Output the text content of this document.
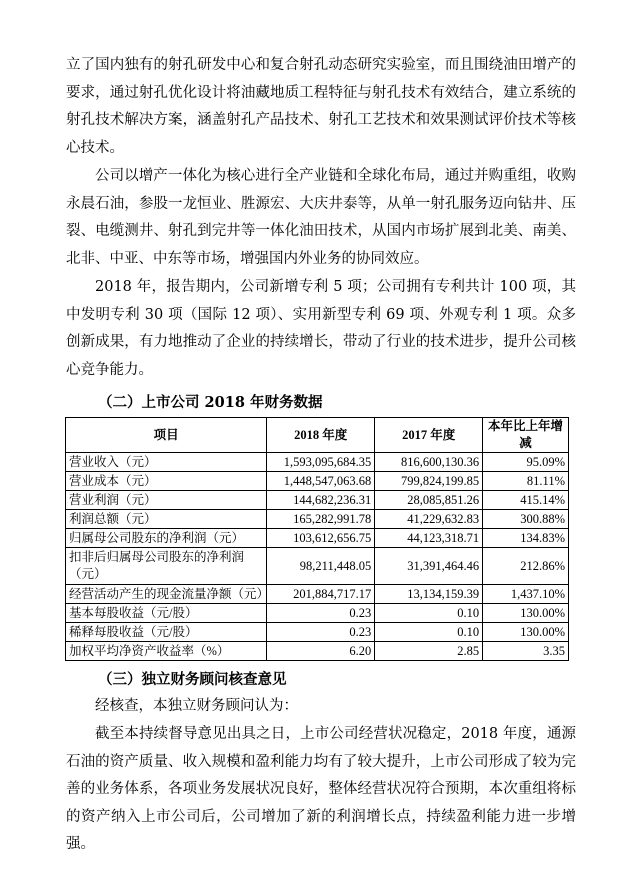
立了国内独有的射孔研发中心和复合射孔动态研究实验室，而且围绕油田增产的要求，通过射孔优化设计将油藏地质工程特征与射孔技术有效结合，建立系统的射孔技术解决方案，涵盖射孔产品技术、射孔工艺技术和效果测试评价技术等核心技术。

公司以增产一体化为核心进行全产业链和全球化布局，通过并购重组，收购永晨石油，参股一龙恒业、胜源宏、大庆井泰等，从单一射孔服务迈向钻井、压裂、电缆测井、射孔到完井等一体化油田技术，从国内市场扩展到北美、南美、北非、中亚、中东等市场，增强国内外业务的协同效应。

2018 年，报告期内，公司新增专利 5 项；公司拥有专利共计 100 项，其中发明专利 30 项（国际 12 项）、实用新型专利 69 项、外观专利 1 项。众多创新成果，有力地推动了企业的持续增长，带动了行业的技术进步，提升公司核心竞争能力。

（二）上市公司 2018 年财务数据

项目	2018 年度	2017 年度	本年比上年增减
营业收入（元）	1,593,095,684.35	816,600,130.36	95.09%
营业成本（元）	1,448,547,063.68	799,824,199.85	81.11%
营业利润（元）	144,682,236.31	28,085,851.26	415.14%
利润总额（元）	165,282,991.78	41,229,632.83	300.88%
归属母公司股东的净利润（元）	103,612,656.75	44,123,318.71	134.83%
扣非后归属母公司股东的净利润（元）	98,211,448.05	31,391,464.46	212.86%
经营活动产生的现金流量净额（元）	201,884,717.17	13,134,159.39	1,437.10%
基本每股收益（元/股）	0.23	0.10	130.00%
稀释每股收益（元/股）	0.23	0.10	130.00%
加权平均净资产收益率（%）	6.20	2.85	3.35

（三）独立财务顾问核查意见

经核查，本独立财务顾问认为：

截至本持续督导意见出具之日，上市公司经营状况稳定，2018 年度，通源石油的资产质量、收入规模和盈利能力均有了较大提升，上市公司形成了较为完善的业务体系，各项业务发展状况良好，整体经营状况符合预期，本次重组将标的资产纳入上市公司后，公司增加了新的利润增长点，持续盈利能力进一步增强。
